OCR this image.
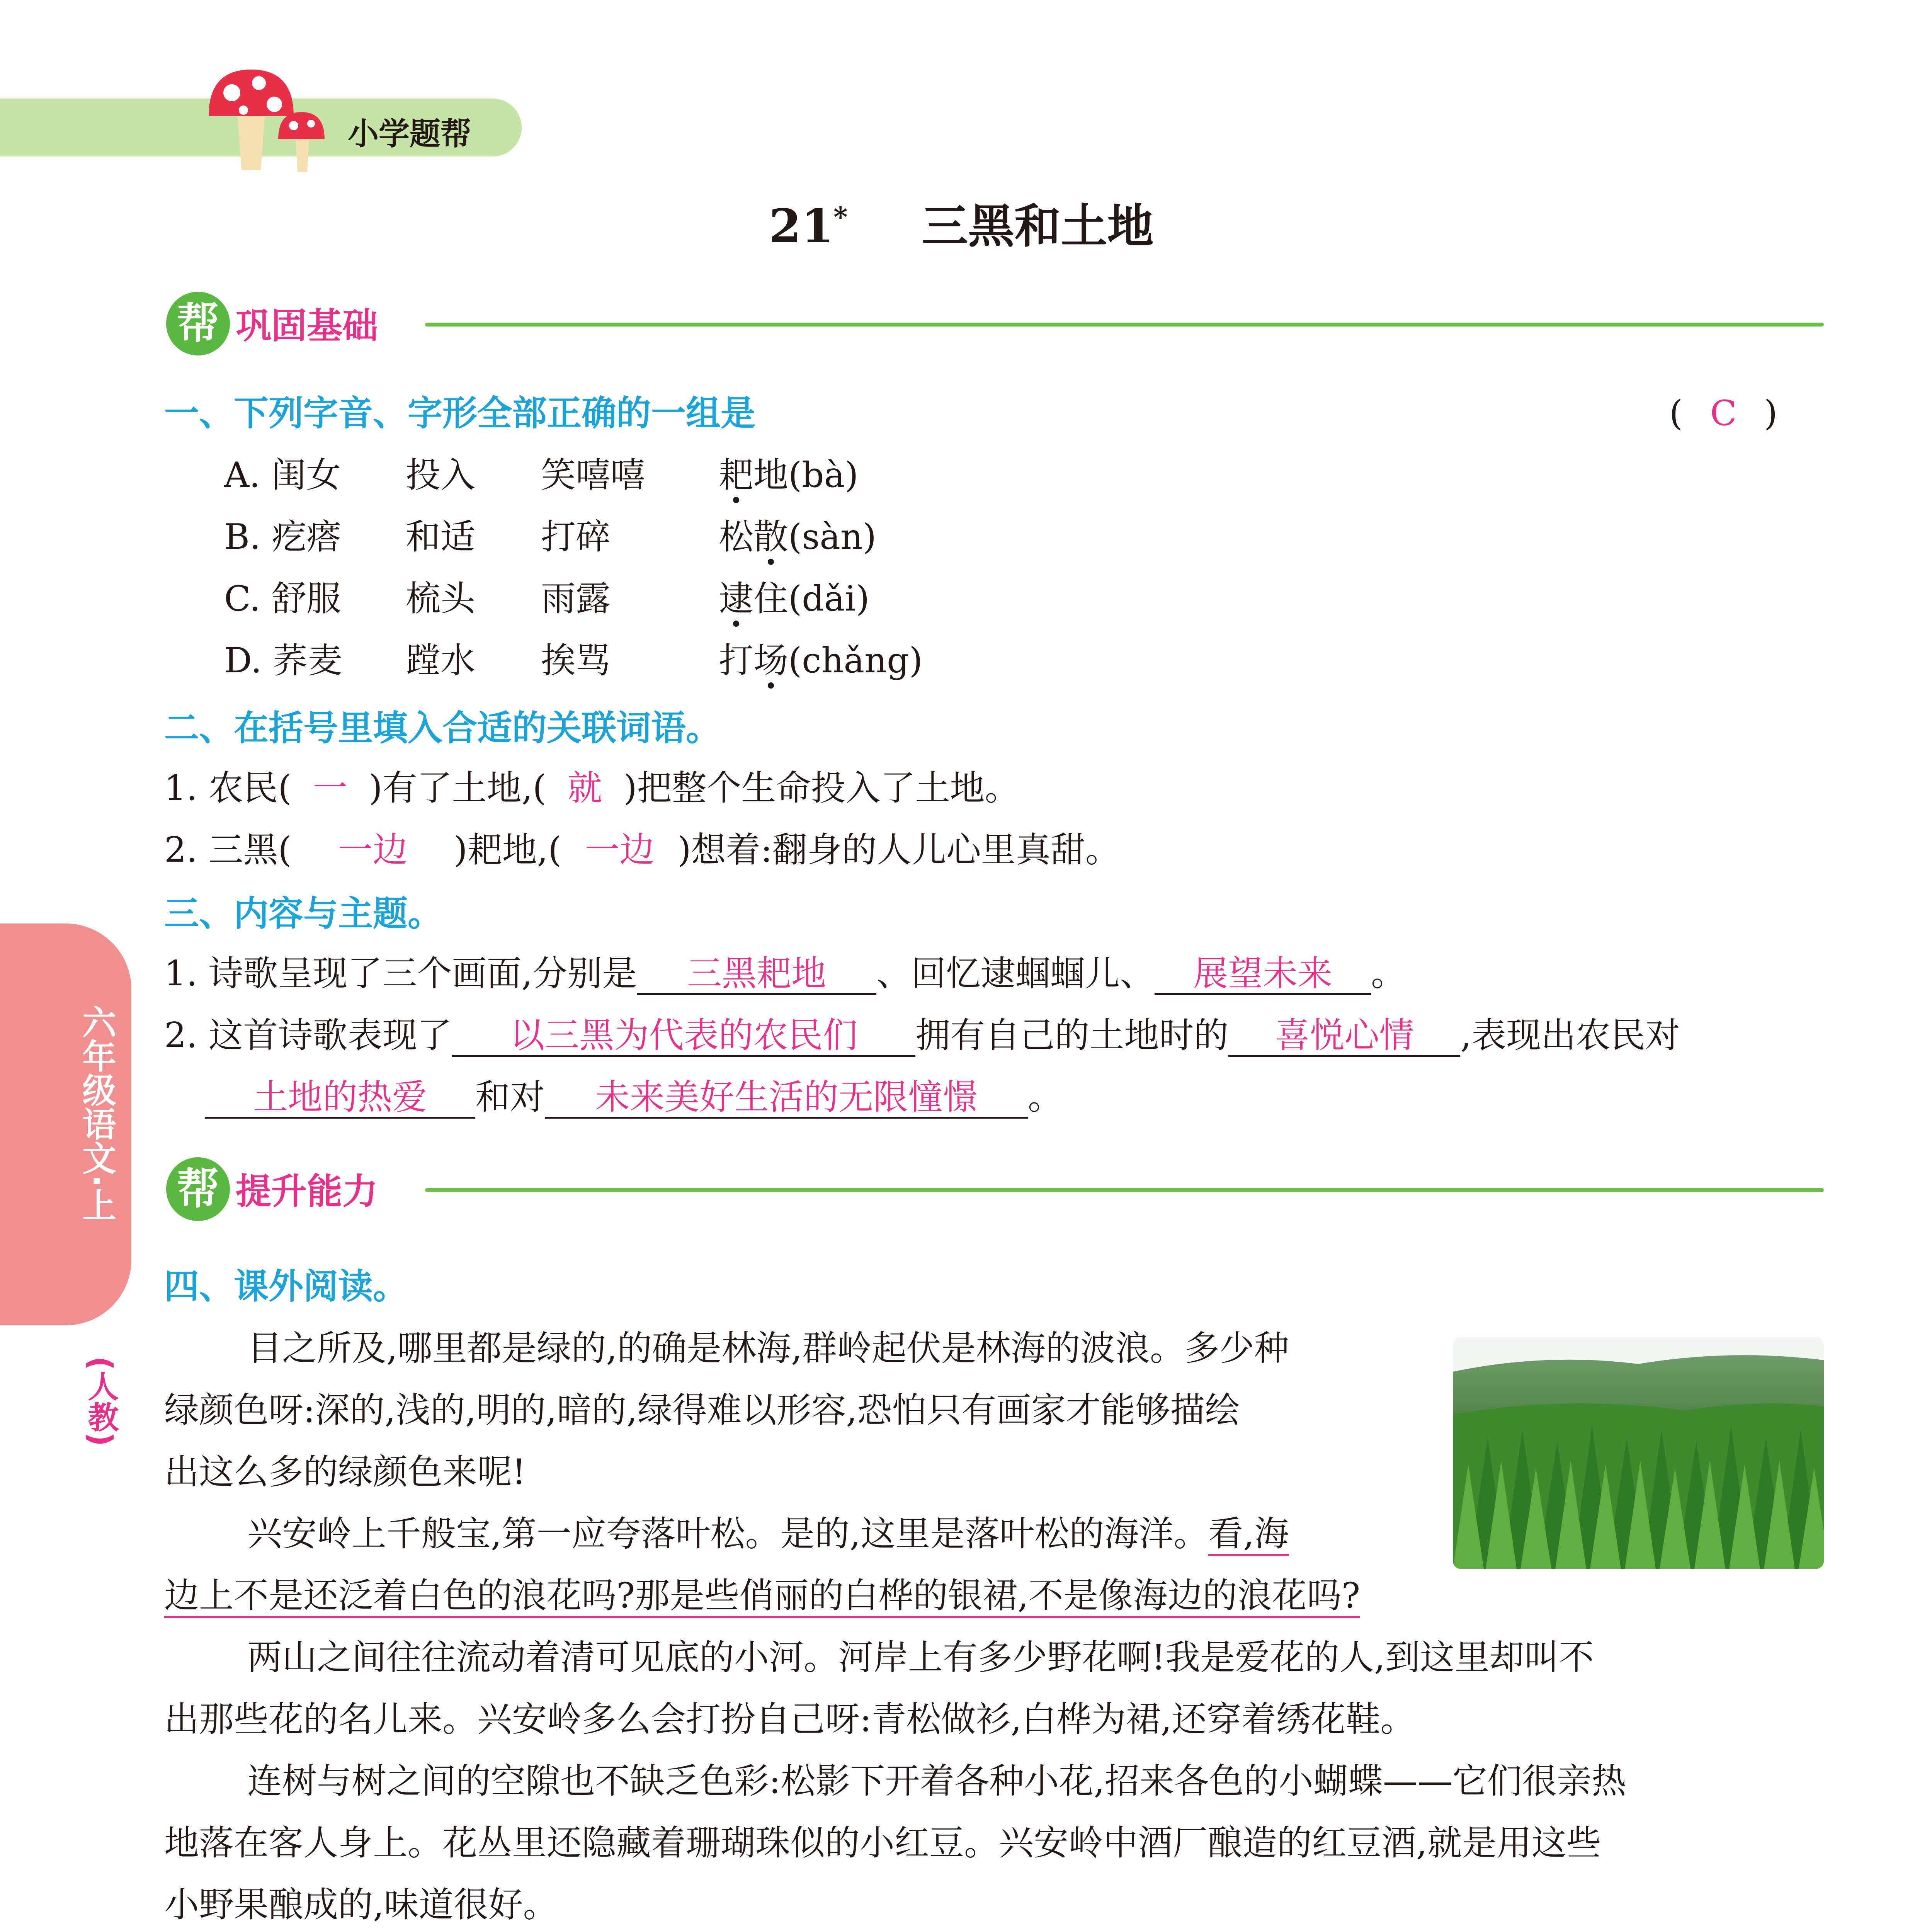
小学题帮
21* 三黑和土地
帮 巩固基础
一、下列字音、字形全部正确的一组是	( C )
A. 闺女 投入 笑嘻嘻 耙地(bà)
B. 疙瘩 和适 打碎	松散(sàn)
C. 舒服 梳头 雨露	逮住(dǎi)
D. 荞麦 蹚水 挨骂	打场(chǎng)
二、在括号里填入合适的关联词语。
1. 农民( 一 )有了土地,( 就 )把整个生命投入了土地。
2. 三黑( 一边 )耙地,( 一边 )想着:翻身的人儿心里真甜。
三、内容与主题。
1. 诗歌呈现了三个画面,分别是 三黑耙地 、回忆逮蝈蝈儿、 展望未来 。
2. 这首诗歌表现了 以三黑为代表的农民们 拥有自己的土地时的 喜悦心情 ,表现出农民对
土地的热爱 和对 未来美好生活的无限憧憬 。
帮 提升能力
四、课外阅读。
目之所及,哪里都是绿的,的确是林海,群岭起伏是林海的波浪。多少种
绿颜色呀:深的,浅的,明的,暗的,绿得难以形容,恐怕只有画家才能够描绘
出这么多的绿颜色来呢!
兴安岭上千般宝,第一应夸落叶松。是的,这里是落叶松的海洋。看,海
边上不是还泛着白色的浪花吗?那是些俏丽的白桦的银裙,不是像海边的浪花吗?
两山之间往往流动着清可见底的小河。河岸上有多少野花啊!我是爱花的人,到这里却叫不
出那些花的名儿来。兴安岭多么会打扮自己呀:青松做衫,白桦为裙,还穿着绣花鞋。
连树与树之间的空隙也不缺乏色彩:松影下开着各种小花,招来各色的小蝴蝶——它们很亲热
地落在客人身上。花丛里还隐藏着珊瑚珠似的小红豆。兴安岭中酒厂酿造的红豆酒,就是用这些
小野果酿成的,味道很好。
六年级语文·上
(人教)
